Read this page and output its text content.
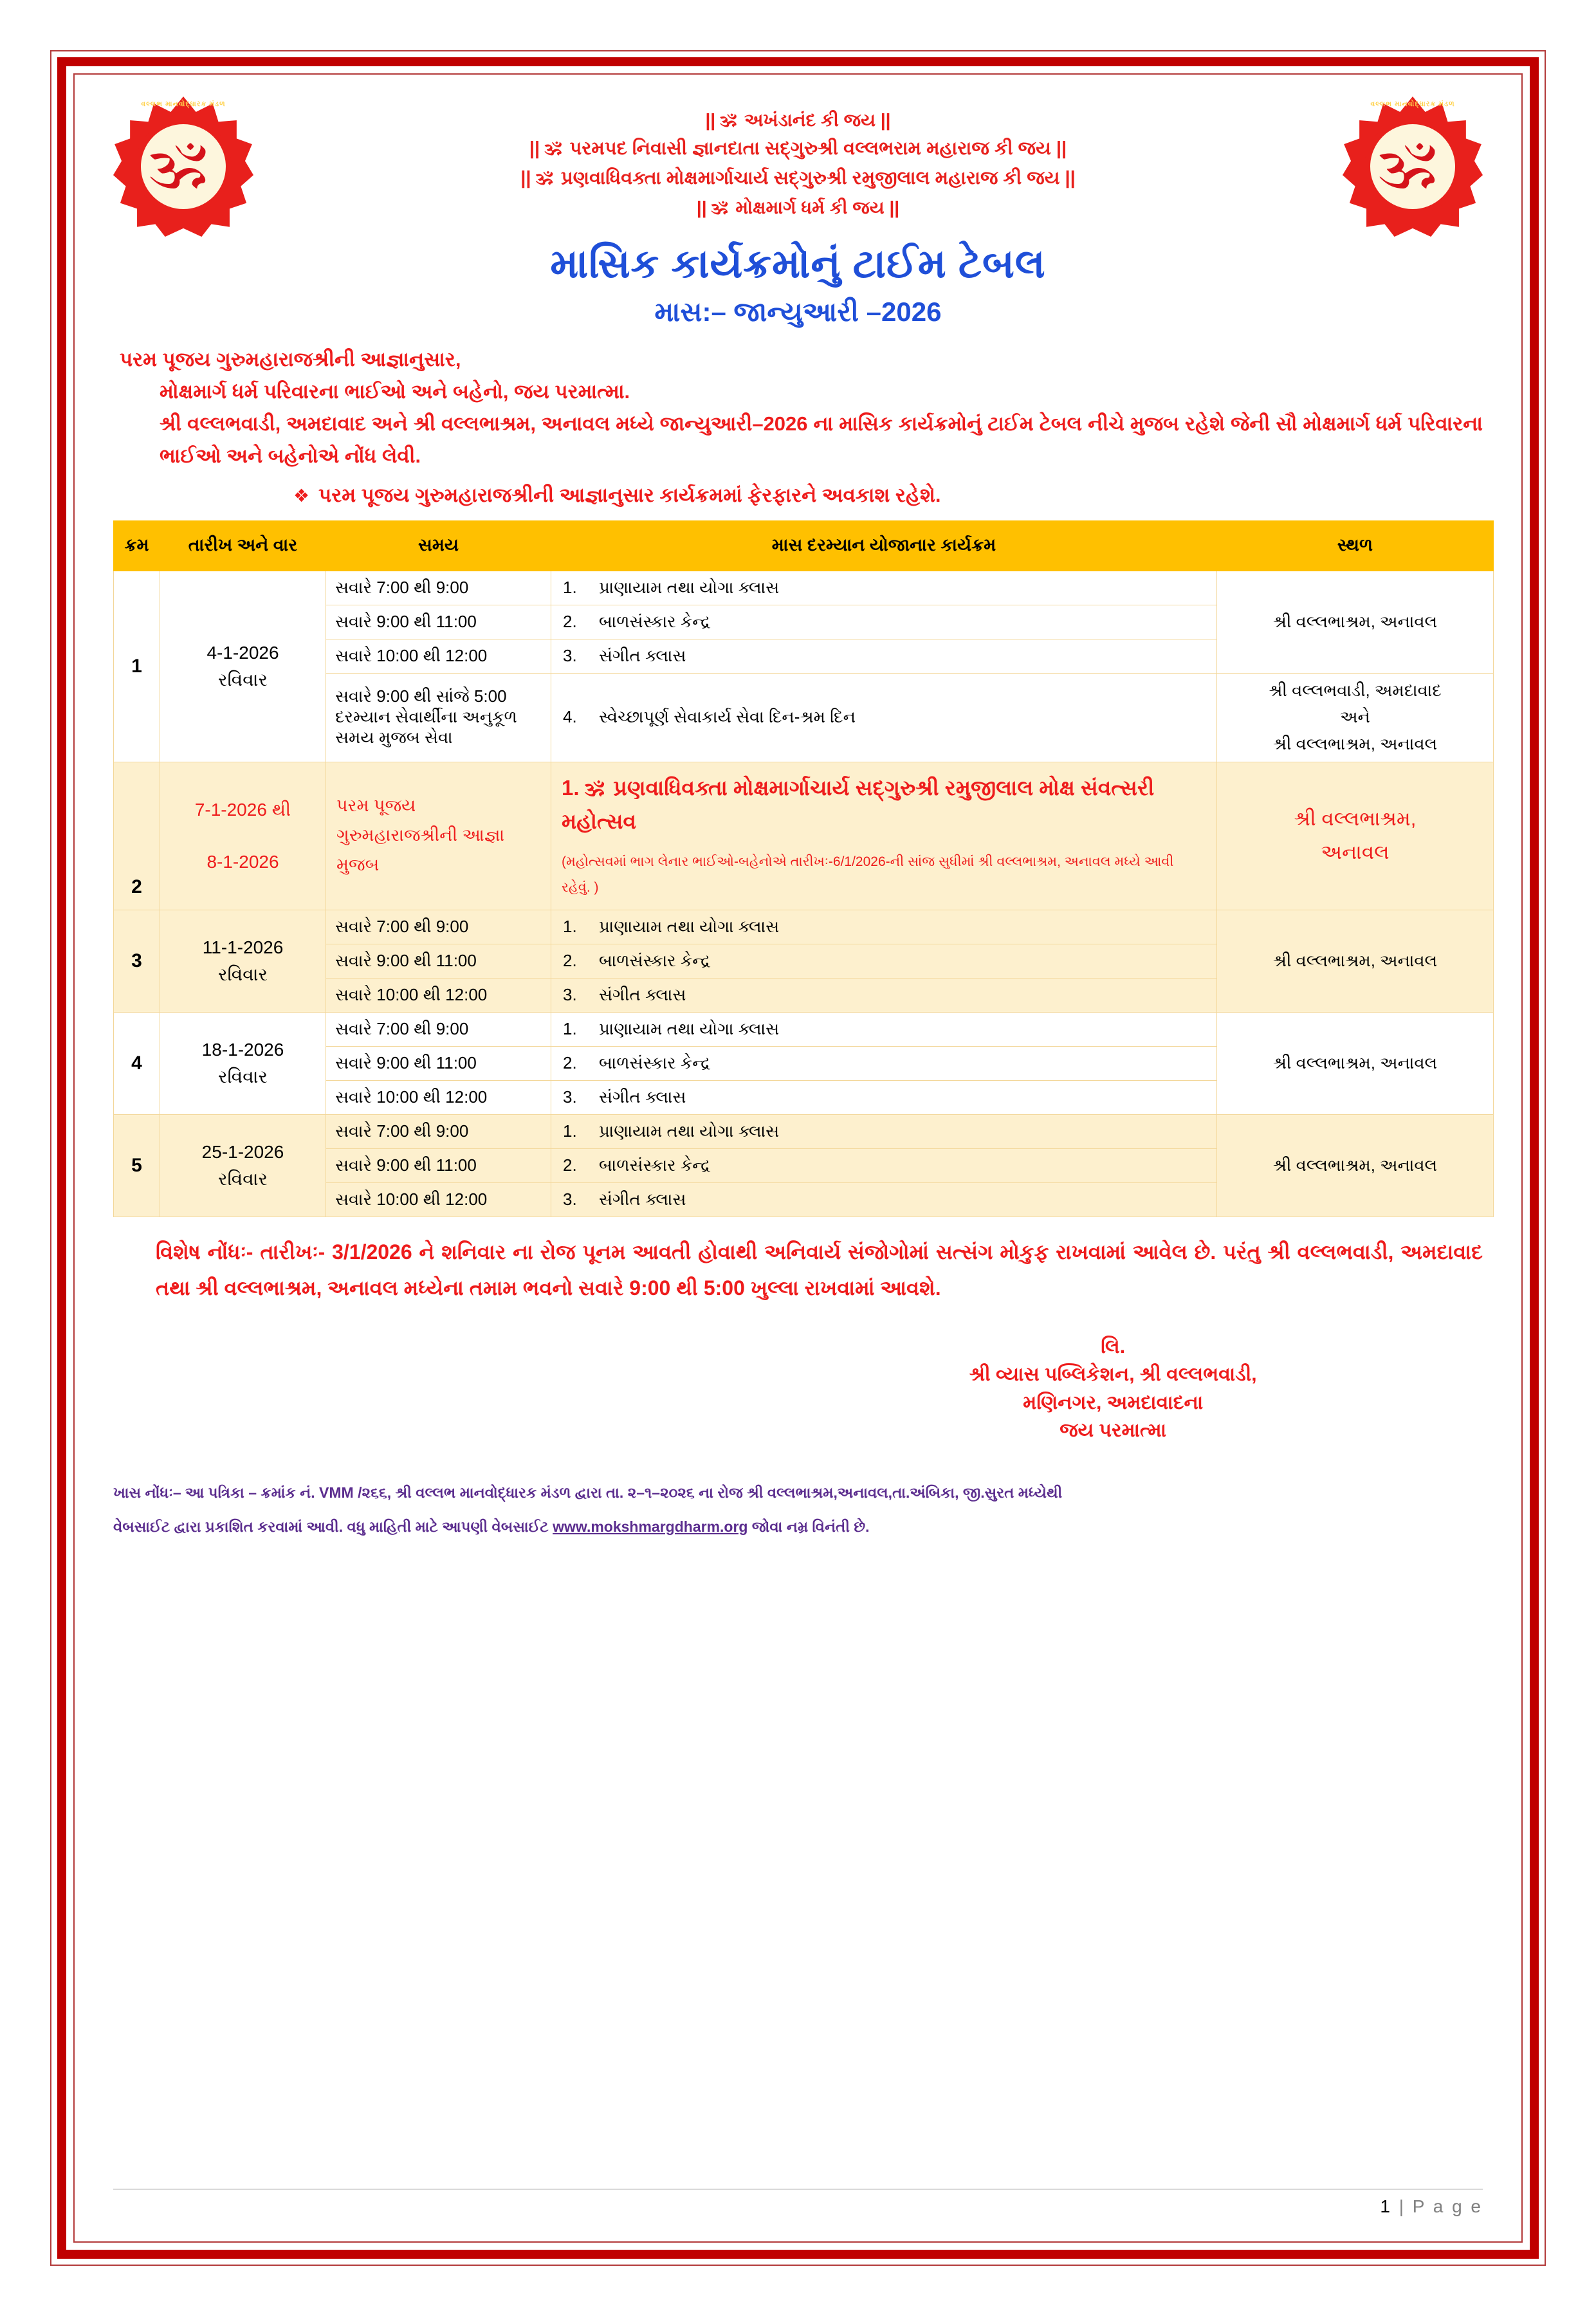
વલ્લભ માનવોદ્ધારક મંડળ
ॐ
|| ॐ અખંડાનંદ કી જય ||
|| ॐ પરમપદ નિવાસી જ્ઞાનદાતા સદ્‌ગુરુશ્રી વલ્લભરામ મહારાજ કી જય ||
|| ॐ પ્રણવાધિવક્તા મોક્ષમાર્ગાચાર્ય સદ્‌ગુરુશ્રી રમુજીલાલ મહારાજ કી જય ||
|| ॐ મોક્ષમાર્ગ ધર્મ કી જય ||
માસિક કાર્યક્રમોનું ટાઈમ ટેબલ
માસ:– જાન્યુઆરી –2026
વલ્લભ માનવોદ્ધારક મંડળ
ॐ
પરમ પૂજય ગુરુમહારાજશ્રીની આજ્ઞાનુસાર,
મોક્ષમાર્ગ ધર્મ પરિવારના ભાઈઓ અને બહેનો, જય પરમાત્મા.
શ્રી વલ્લભવાડી, અમદાવાદ અને શ્રી વલ્લભાશ્રમ, અનાવલ મધ્યે જાન્યુઆરી–2026 ના માસિક કાર્યક્રમોનું ટાઈમ ટેબલ નીચે મુજબ રહેશે જેની સૌ મોક્ષમાર્ગ ધર્મ પરિવારના ભાઈઓ અને બહેનોએ નોંધ લેવી.
❖ પરમ પૂજય ગુરુમહારાજશ્રીની આજ્ઞાનુસાર કાર્યક્રમમાં ફેરફારને અવકાશ રહેશે.
ક્રમ	તારીખ અને વાર	સમય	માસ દરમ્યાન યોજાનાર કાર્યક્રમ	સ્થળ
1	4-1-2026
રવિવાર	સવારે 7:00 થી 9:00	1. પ્રાણાયામ તથા યોગા ક્લાસ	શ્રી વલ્લભાશ્રમ, અનાવલ
		સવારે 9:00 થી 11:00	2. બાળસંસ્કાર કેન્દ્ર	

		સવારે 10:00 થી 12:00	3. સંગીત ક્લાસ	

		સવારે 9:00 થી સાંજે 5:00 દરમ્યાન સેવાર્થીના અનુકૂળ સમય મુજબ સેવા	4. સ્વેચ્છાપૂર્ણ સેવાકાર્ય સેવા દિન-શ્રમ દિન	શ્રી વલ્લભવાડી, અમદાવાદ
અને
શ્રી વલ્લભાશ્રમ, અનાવલ
2	7-1-2026 થી
8-1-2026	પરમ પૂજય ગુરુમહારાજશ્રીની આજ્ઞા મુજબ	
1. ॐ પ્રણવાધિવક્તા મોક્ષમાર્ગાચાર્ય સદ્‌ગુરુશ્રી રમુજીલાલ મોક્ષ સંવત્સરી મહોત્સવ
(મહોત્સવમાં ભાગ લેનાર ભાઈઓ-બહેનોએ તારીખઃ-6/1/2026-ની સાંજ સુધીમાં શ્રી વલ્લભાશ્રમ, અનાવલ મધ્યે આવી રહેવું. )
	શ્રી વલ્લભાશ્રમ,
અનાવલ
3	11-1-2026
રવિવાર	સવારે 7:00 થી 9:00	1. પ્રાણાયામ તથા યોગા ક્લાસ	શ્રી વલ્લભાશ્રમ, અનાવલ
		સવારે 9:00 થી 11:00	2. બાળસંસ્કાર કેન્દ્ર	

		સવારે 10:00 થી 12:00	3. સંગીત ક્લાસ	

4	18-1-2026
રવિવાર	સવારે 7:00 થી 9:00	1. પ્રાણાયામ તથા યોગા ક્લાસ	શ્રી વલ્લભાશ્રમ, અનાવલ
		સવારે 9:00 થી 11:00	2. બાળસંસ્કાર કેન્દ્ર	

		સવારે 10:00 થી 12:00	3. સંગીત ક્લાસ	

5	25-1-2026
રવિવાર	સવારે 7:00 થી 9:00	1. પ્રાણાયામ તથા યોગા ક્લાસ	શ્રી વલ્લભાશ્રમ, અનાવલ
		સવારે 9:00 થી 11:00	2. બાળસંસ્કાર કેન્દ્ર	

		સવારે 10:00 થી 12:00	3. સંગીત ક્લાસ	
વિશેષ નોંધઃ- તારીખઃ- 3/1/2026 ને શનિવાર ના રોજ પૂનમ આવતી હોવાથી અનિવાર્ય સંજોગોમાં સત્સંગ મોકુફ રાખવામાં આવેલ છે. પરંતુ શ્રી વલ્લભવાડી, અમદાવાદ તથા શ્રી વલ્લભાશ્રમ, અનાવલ મધ્યેના તમામ ભવનો સવારે 9:00 થી 5:00 ખુલ્લા રાખવામાં આવશે.
લિ.
શ્રી વ્યાસ પબ્લિકેશન, શ્રી વલ્લભવાડી,
મણિનગર, અમદાવાદના
જય પરમાત્મા
ખાસ નોંધઃ– આ પત્રિકા – ક્રમાંક નં. VMM /૨૬૬, શ્રી વલ્લભ માનવોદ્ધારક મંડળ દ્વારા તા. ૨–૧–૨૦૨૬ ના રોજ શ્રી વલ્લભાશ્રમ,અનાવલ,તા.અંબિકા, જી.સુરત મધ્યેથી
વેબસાઈટ દ્વારા પ્રકાશિત કરવામાં આવી. વધુ માહિતી માટે આપણી વેબસાઈટ www.mokshmargdharm.org જોવા નમ્ર વિનંતી છે.
1 | P a g e
